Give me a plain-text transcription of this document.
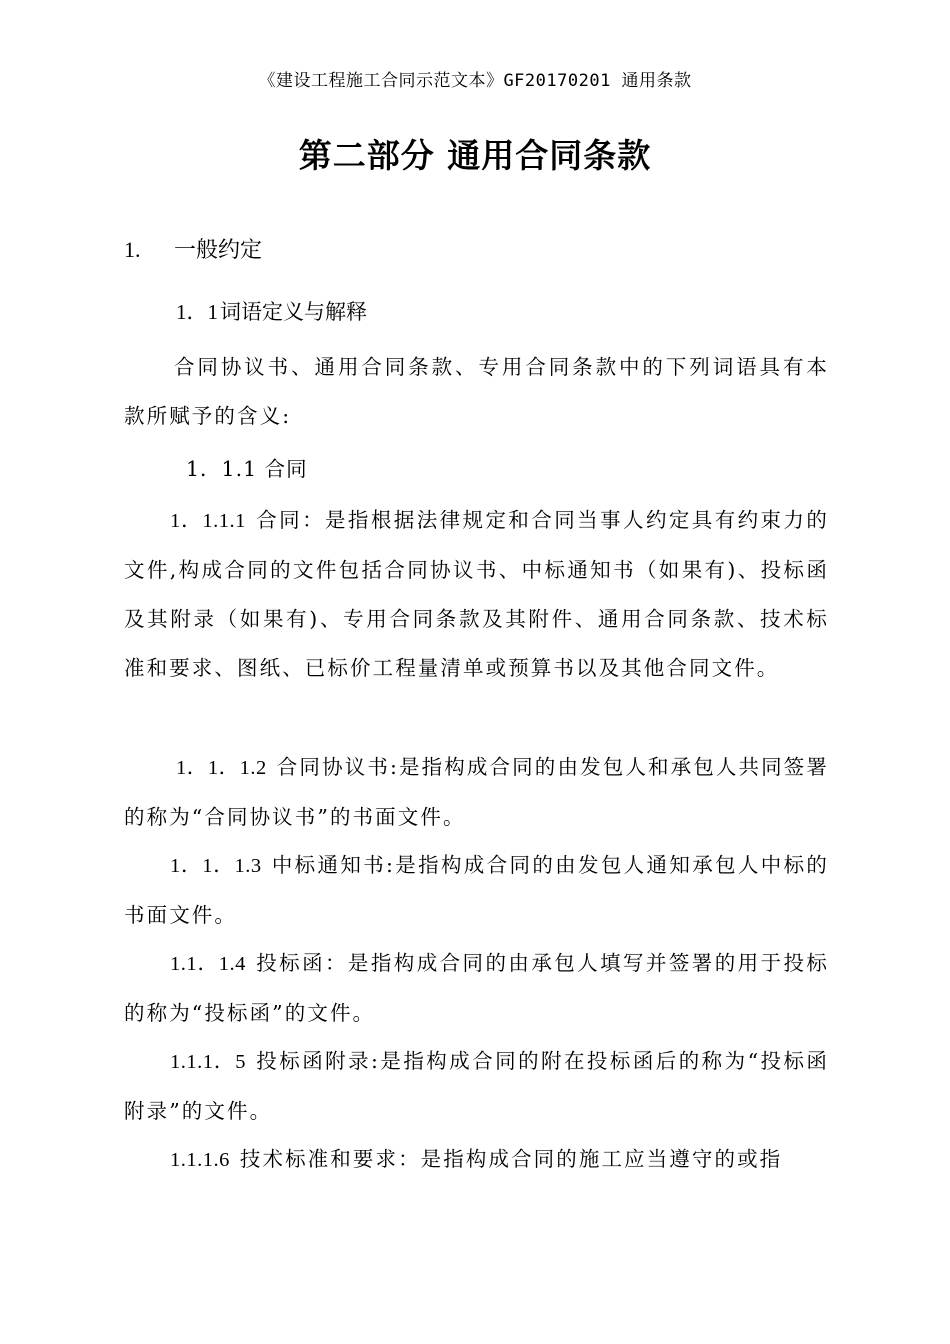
《建设工程施工合同示范文本》GF20170201 通用条款
第二部分 通用合同条款
1. 一般约定
1．1词语定义与解释

合同协议书、通用合同条款、专用合同条款中的下列词语具有本款所赋予的含义:

1．1.1 合同

1．1.1.1 合同：是指根据法律规定和合同当事人约定具有约束力的文件,构成合同的文件包括合同协议书、中标通知书（如果有)、投标函及其附录（如果有)、专用合同条款及其附件、通用合同条款、技术标准和要求、图纸、已标价工程量清单或预算书以及其他合同文件。

1．1．1.2 合同协议书:是指构成合同的由发包人和承包人共同签署的称为“合同协议书”的书面文件。

1．1．1.3 中标通知书:是指构成合同的由发包人通知承包人中标的书面文件。

1.1．1.4 投标函：是指构成合同的由承包人填写并签署的用于投标的称为“投标函”的文件。

1.1.1．5 投标函附录:是指构成合同的附在投标函后的称为“投标函附录”的文件。

1.1.1.6 技术标准和要求：是指构成合同的施工应当遵守的或指
